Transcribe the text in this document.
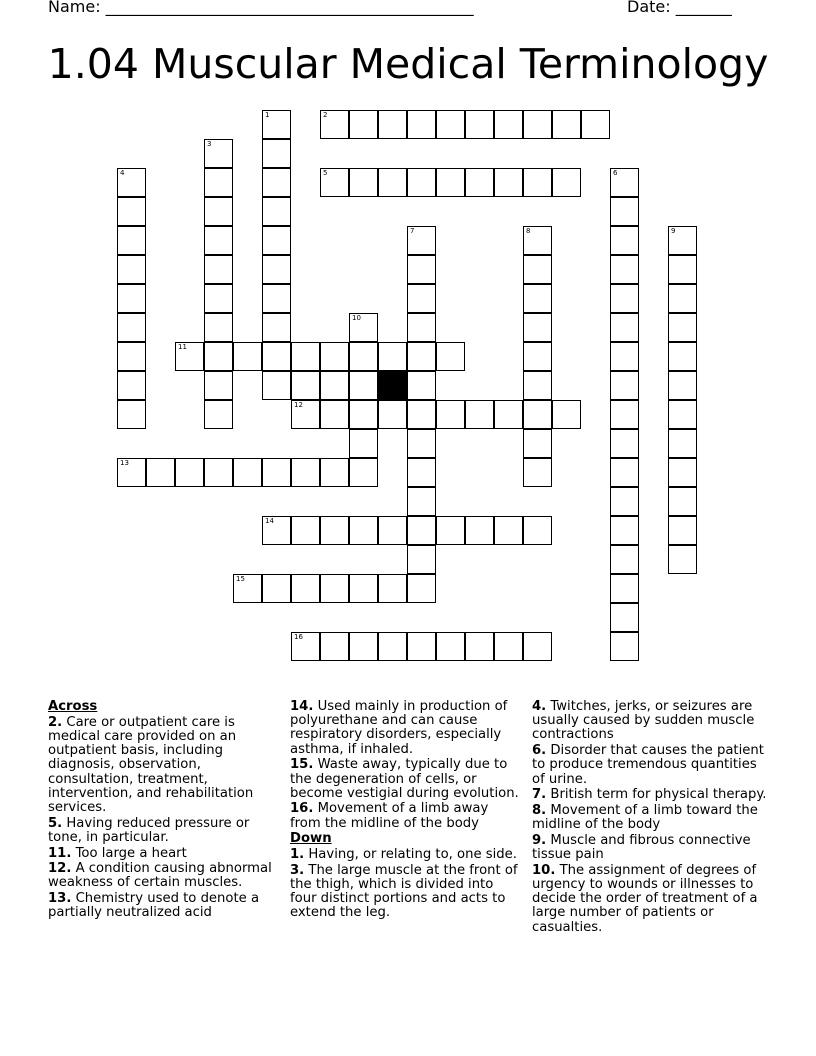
Name: ______________________________________________	Date: _______
1.04 Muscular Medical Terminology
1	2
3
4	5	6
7	8	9
10
11
12
13
14
15
16
Across
2. Care or outpatient care is medical care provided on an outpatient basis, including diagnosis, observation, consultation, treatment, intervention, and rehabilitation services.
5. Having reduced pressure or tone, in particular.
11. Too large a heart
12. A condition causing abnormal weakness of certain muscles.
13. Chemistry used to denote a partially neutralized acid
14. Used mainly in production of polyurethane and can cause respiratory disorders, especially asthma, if inhaled.
15. Waste away, typically due to the degeneration of cells, or become vestigial during evolution.
16. Movement of a limb away from the midline of the body
Down
1. Having, or relating to, one side.
3. The large muscle at the front of the thigh, which is divided into four distinct portions and acts to extend the leg.
4. Twitches, jerks, or seizures are usually caused by sudden muscle contractions
6. Disorder that causes the patient to produce tremendous quantities of urine.
7. British term for physical therapy.
8. Movement of a limb toward the midline of the body
9. Muscle and fibrous connective tissue pain
10. The assignment of degrees of urgency to wounds or illnesses to decide the order of treatment of a large number of patients or casualties.
